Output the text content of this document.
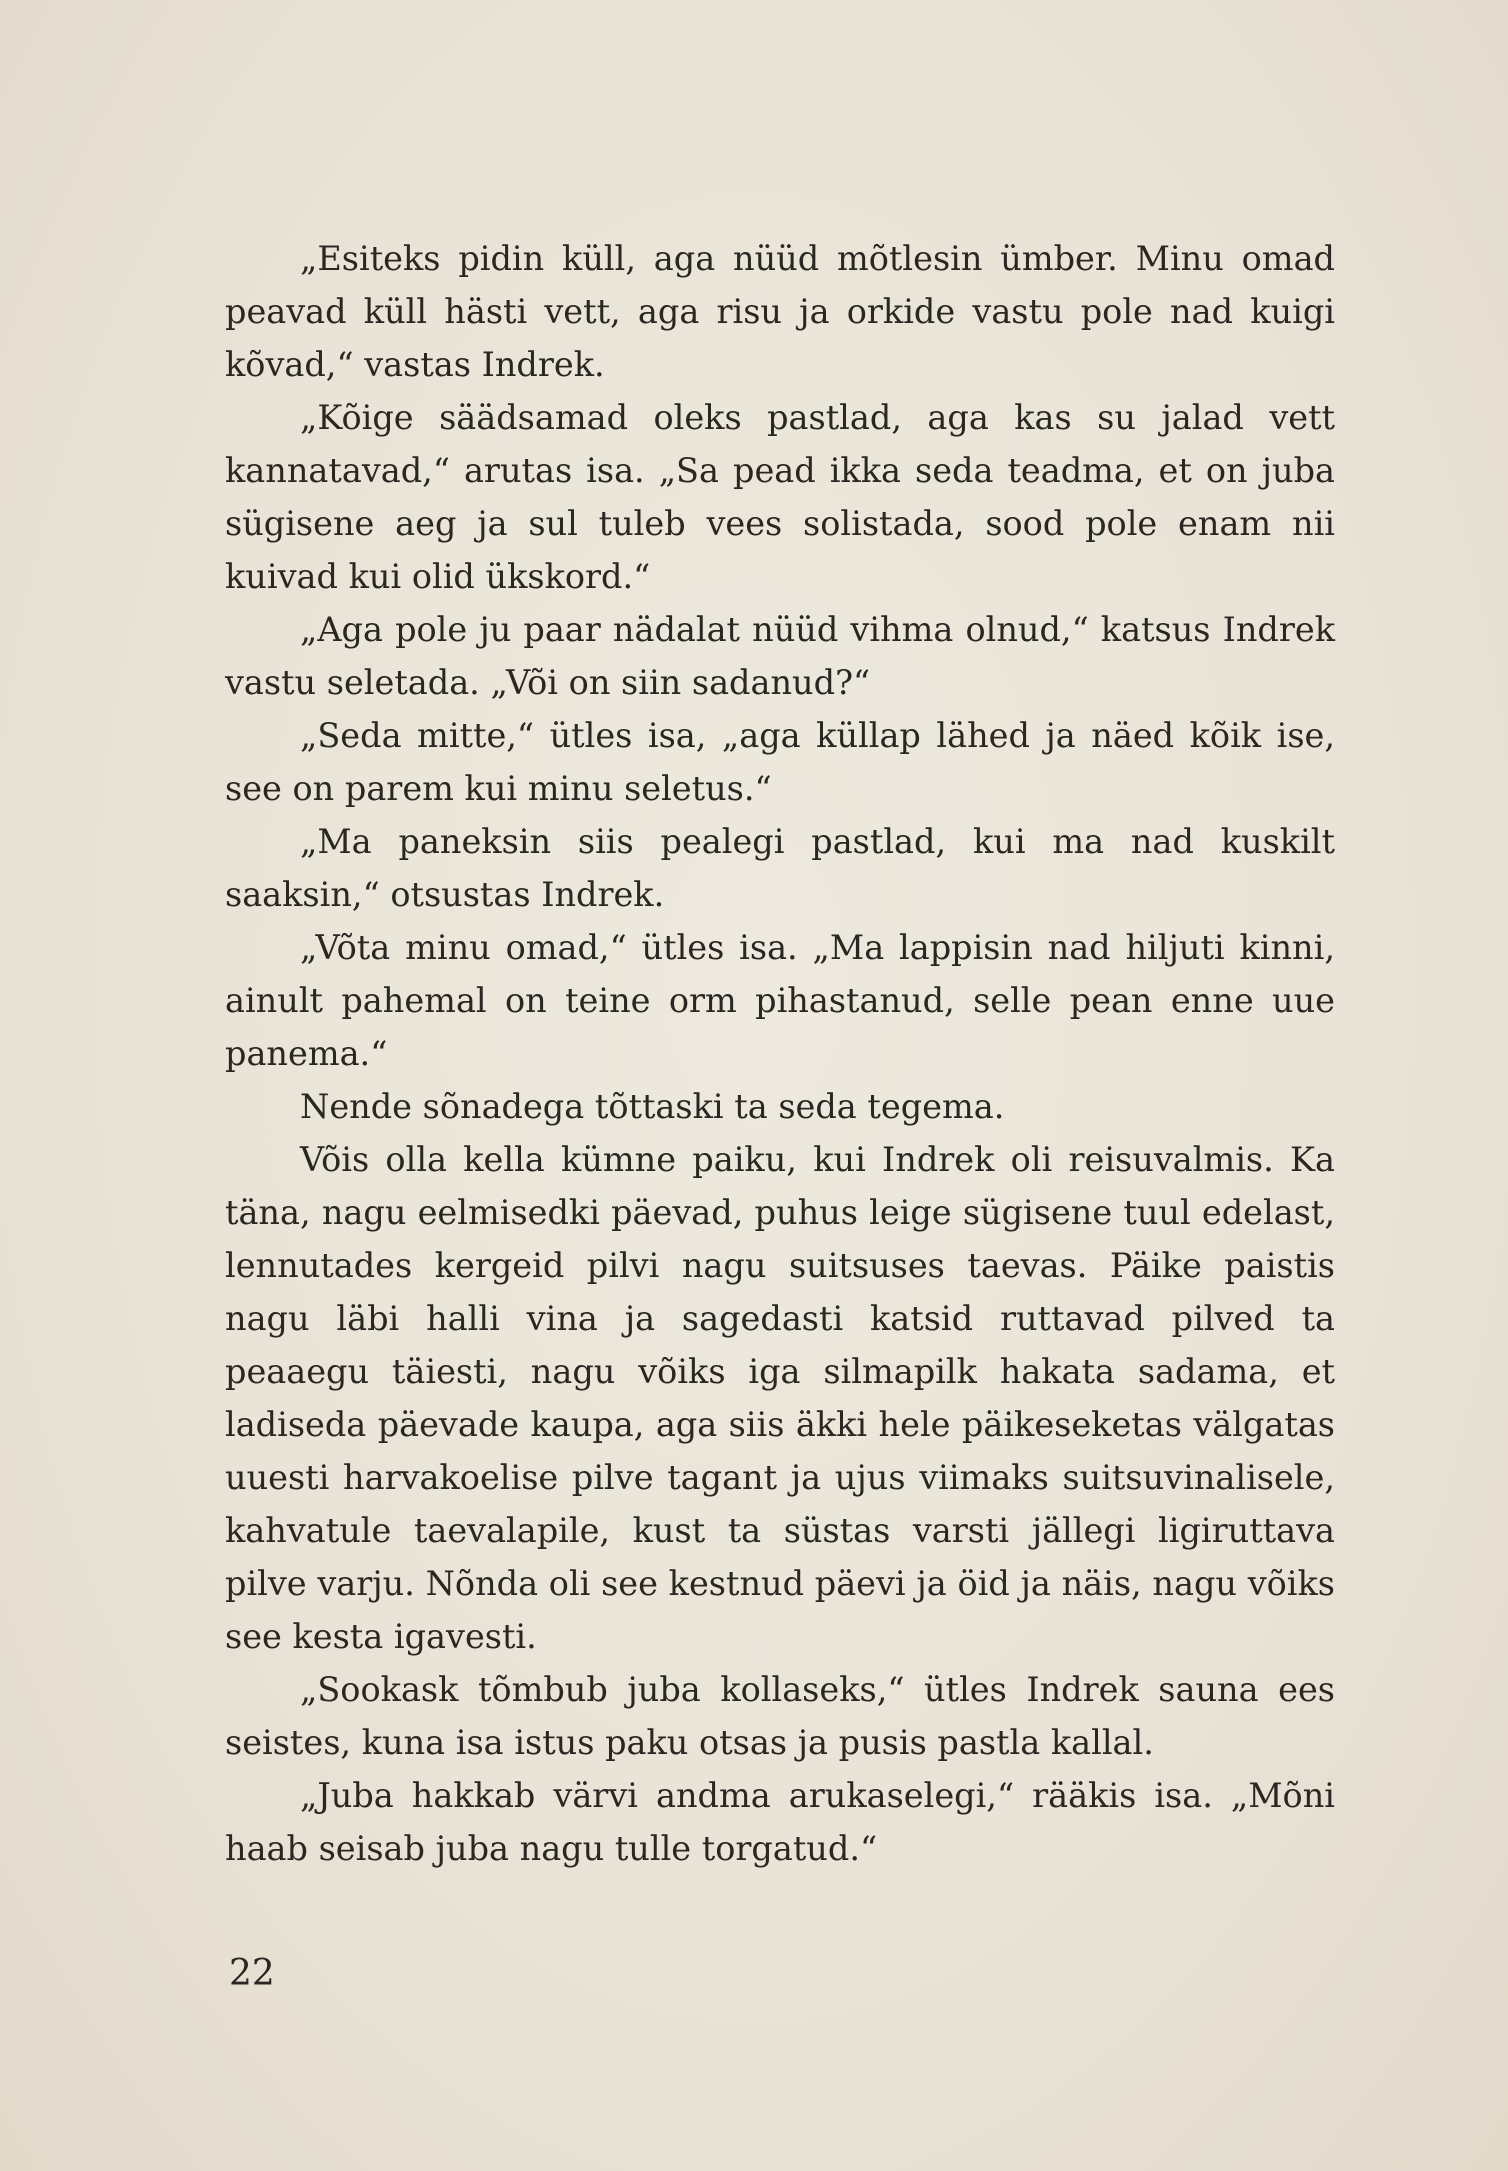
„Esiteks pidin küll, aga nüüd mõtlesin ümber. Minu omad peavad küll hästi vett, aga risu ja orkide vastu pole nad kuigi kõvad,“ vastas Indrek.

„Kõige säädsamad oleks pastlad, aga kas su jalad vett kannatavad,“ arutas isa. „Sa pead ikka seda teadma, et on juba sügisene aeg ja sul tuleb vees solistada, sood pole enam nii kuivad kui olid ükskord.“

„Aga pole ju paar nädalat nüüd vihma olnud,“ katsus Indrek vastu seletada. „Või on siin sadanud?“

„Seda mitte,“ ütles isa, „aga küllap lähed ja näed kõik ise, see on parem kui minu seletus.“

„Ma paneksin siis pealegi pastlad, kui ma nad kuskilt saaksin,“ otsustas Indrek.

„Võta minu omad,“ ütles isa. „Ma lappisin nad hiljuti kinni, ainult pahemal on teine orm pihastanud, selle pean enne uue panema.“

Nende sõnadega tõttaski ta seda tegema.

Võis olla kella kümne paiku, kui Indrek oli reisuvalmis. Ka täna, nagu eelmisedki päevad, puhus leige sügisene tuul edelast, lennutades kergeid pilvi nagu suitsuses taevas. Päike paistis nagu läbi halli vina ja sagedasti katsid ruttavad pilved ta peaaegu täiesti, nagu võiks iga silmapilk hakata sadama, et ladiseda päevade kaupa, aga siis äkki hele päikeseketas välgatas uuesti harvakoelise pilve tagant ja ujus viimaks suitsuvinalisele, kahvatule taevalapile, kust ta süstas varsti jällegi ligiruttava pilve varju. Nõnda oli see kestnud päevi ja öid ja näis, nagu võiks see kesta igavesti.

„Sookask tõmbub juba kollaseks,“ ütles Indrek sauna ees seistes, kuna isa istus paku otsas ja pusis pastla kallal.

„Juba hakkab värvi andma arukaselegi,“ rääkis isa. „Mõni haab seisab juba nagu tulle torgatud.“

22
